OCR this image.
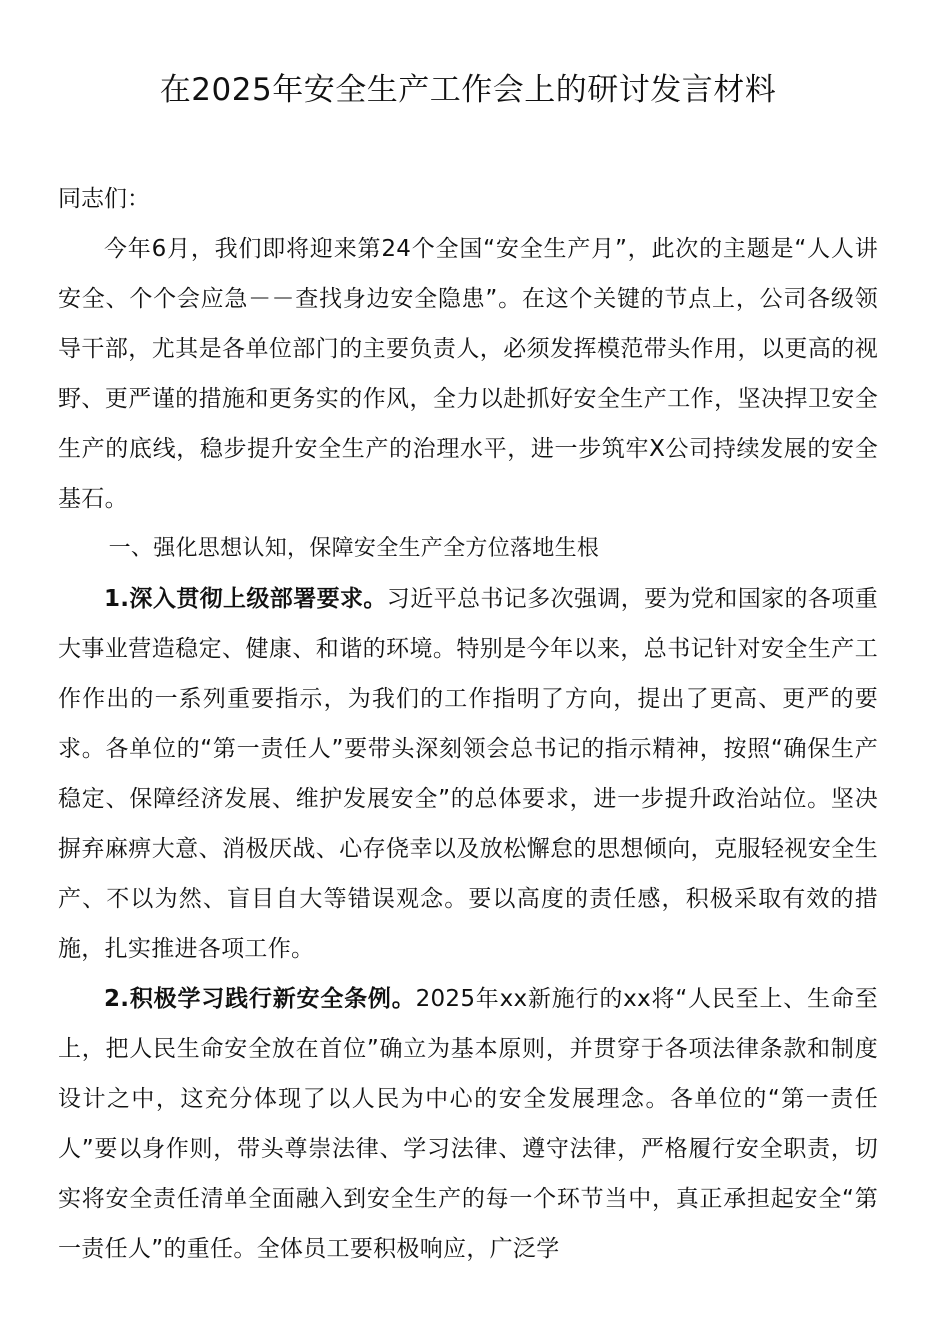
在2025年安全生产工作会上的研讨发言材料

同志们：

今年6月，我们即将迎来第24个全国“安全生产月”，此次的主题是“人人讲安全、个个会应急－－查找身边安全隐患”。在这个关键的节点上，公司各级领导干部，尤其是各单位部门的主要负责人，必须发挥模范带头作用，以更高的视野、更严谨的措施和更务实的作风，全力以赴抓好安全生产工作，坚决捍卫安全生产的底线，稳步提升安全生产的治理水平，进一步筑牢X公司持续发展的安全基石。

一、强化思想认知，保障安全生产全方位落地生根

1.深入贯彻上级部署要求。习近平总书记多次强调，要为党和国家的各项重大事业营造稳定、健康、和谐的环境。特别是今年以来，总书记针对安全生产工作作出的一系列重要指示，为我们的工作指明了方向，提出了更高、更严的要求。各单位的“第一责任人”要带头深刻领会总书记的指示精神，按照“确保生产稳定、保障经济发展、维护发展安全”的总体要求，进一步提升政治站位。坚决摒弃麻痹大意、消极厌战、心存侥幸以及放松懈怠的思想倾向，克服轻视安全生产、不以为然、盲目自大等错误观念。要以高度的责任感，积极采取有效的措施，扎实推进各项工作。

2.积极学习践行新安全条例。2025年xx新施行的xx将“人民至上、生命至上，把人民生命安全放在首位”确立为基本原则，并贯穿于各项法律条款和制度设计之中，这充分体现了以人民为中心的安全发展理念。各单位的“第一责任人”要以身作则，带头尊崇法律、学习法律、遵守法律，严格履行安全职责，切实将安全责任清单全面融入到安全生产的每一个环节当中，真正承担起安全“第一责任人”的重任。全体员工要积极响应，广泛学
